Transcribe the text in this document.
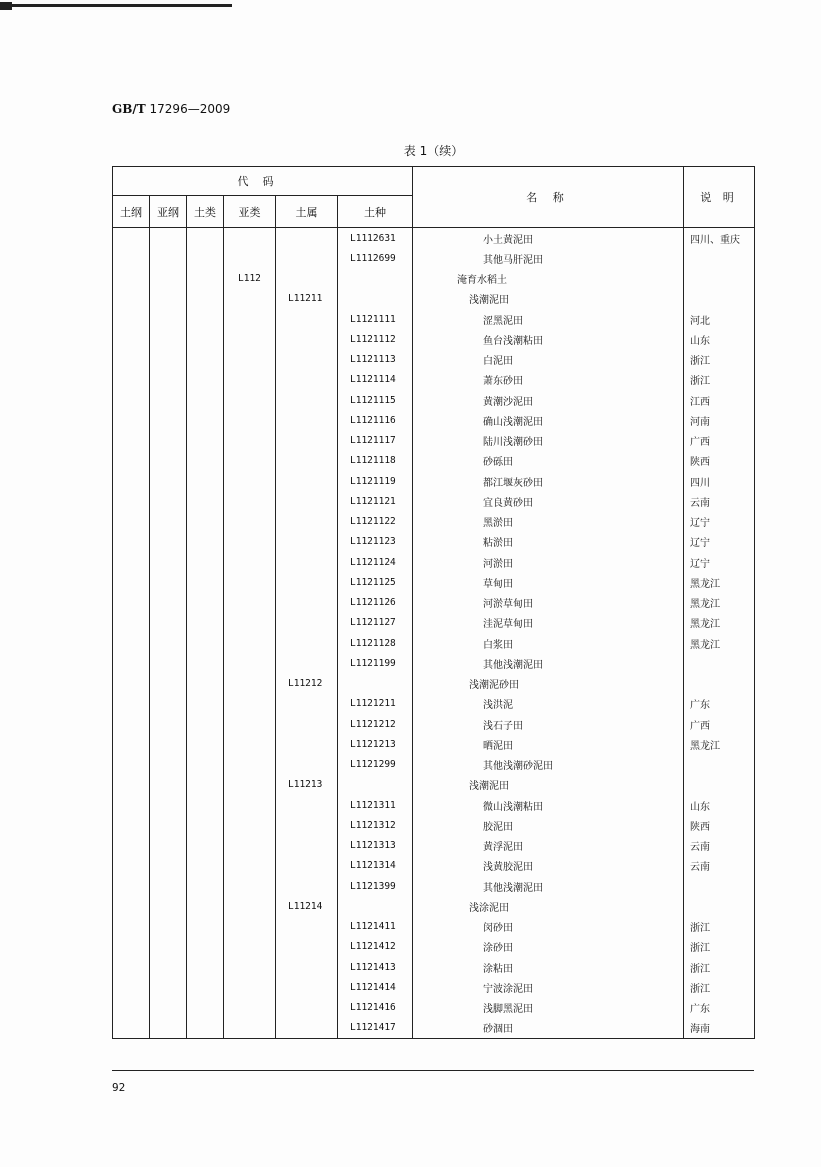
GB/T 17296—2009
表 1（续）
代码						名 称	说 明
土纲	亚纲	土类	亚类	土属	土种		
					L1112631	小土黄泥田	四川、重庆
					L1112699	其他马肝泥田	
			L112			淹育水稻土	
				L11211		浅潮泥田	
					L1121111	涩黑泥田	河北
					L1121112	鱼台浅潮粘田	山东
					L1121113	白泥田	浙江
					L1121114	萧东砂田	浙江
					L1121115	黄潮沙泥田	江西
					L1121116	确山浅潮泥田	河南
					L1121117	陆川浅潮砂田	广西
					L1121118	砂砾田	陕西
					L1121119	都江堰灰砂田	四川
					L1121121	宜良黄砂田	云南
					L1121122	黑淤田	辽宁
					L1121123	粘淤田	辽宁
					L1121124	河淤田	辽宁
					L1121125	草甸田	黑龙江
					L1121126	河淤草甸田	黑龙江
					L1121127	洼泥草甸田	黑龙江
					L1121128	白浆田	黑龙江
					L1121199	其他浅潮泥田	
				L11212		浅潮泥砂田	
					L1121211	浅洪泥	广东
					L1121212	浅石子田	广西
					L1121213	晒泥田	黑龙江
					L1121299	其他浅潮砂泥田	
				L11213		浅潮泥田	
					L1121311	微山浅潮粘田	山东
					L1121312	胶泥田	陕西
					L1121313	黄浮泥田	云南
					L1121314	浅黄胶泥田	云南
					L1121399	其他浅潮泥田	
				L11214		浅涂泥田	
					L1121411	闵砂田	浙江
					L1121412	涂砂田	浙江
					L1121413	涂粘田	浙江
					L1121414	宁波涂泥田	浙江
					L1121416	浅脚黑泥田	广东
					L1121417	砂涸田	海南
92
